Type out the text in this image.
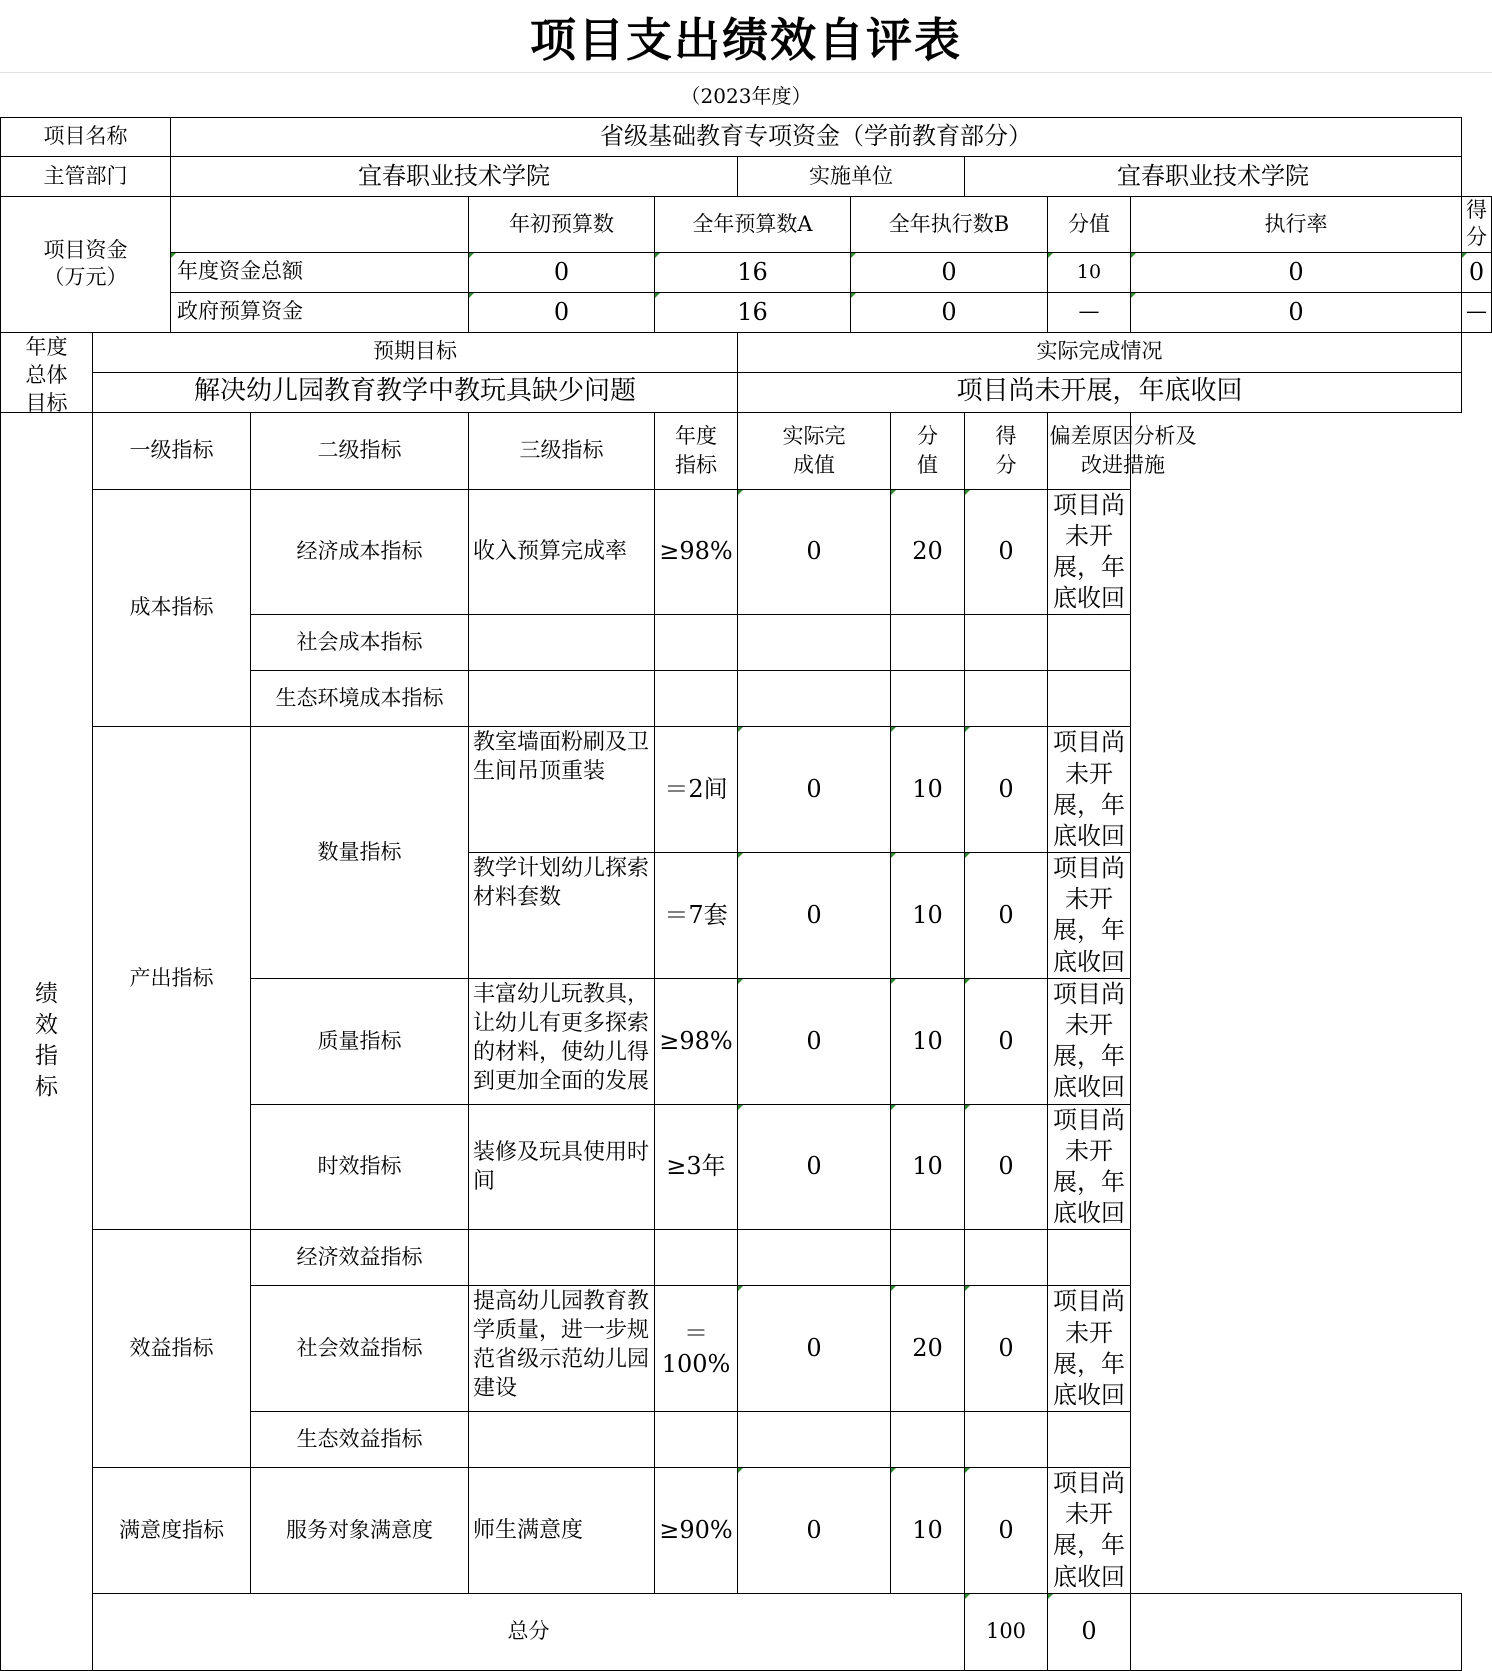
项目支出绩效自评表
（2023年度）
项目名称		省级基础教育专项资金（学前教育部分）										
主管部门		宜春职业技术学院				实施单位			宜春职业技术学院			

项目资金
（万元）				年初预算数	全年预算数A		全年执行数B			分值	执行率	得分
		年度资金总额		0	16		0			10	0	0
		政府预算资金		0	16		0			—	0	—

年度总体目标	预期目标					实际完成情况						
	解决幼儿园教育教学中教玩具缺少问题					项目尚未开展，年底收回						

绩效指标	一级指标		二级指标	三级指标	年度指标	实际完成值		分值	得分	偏差原因分析及改进措施		

	成本指标		经济成本指标	收入预算完成率	≥98%	0		20	0	项目尚未开展，年底收回		
			社会成本指标									
			生态环境成本指标									
	产出指标		数量指标	教室墙面粉刷及卫生间吊顶重装	＝2间	0		10	0	项目尚未开展，年底收回		

				教学计划幼儿探索材料套数	＝7套	0		10	0	项目尚未开展，年底收回		
			质量指标	丰富幼儿玩教具，让幼儿有更多探索的材料，使幼儿得到更加全面的发展	≥98%	0		10	0	项目尚未开展，年底收回		
			时效指标	装修及玩具使用时间	≥3年	0		10	0	项目尚未开展，年底收回		
	效益指标		经济效益指标									
			社会效益指标	提高幼儿园教育教学质量，进一步规范省级示范幼儿园建设	＝100%	0		20	0	项目尚未开展，年底收回		
			生态效益指标									
	满意度指标		服务对象满意度	师生满意度	≥90%	0		10	0	项目尚未开展，年底收回		
	总分								100	0		
